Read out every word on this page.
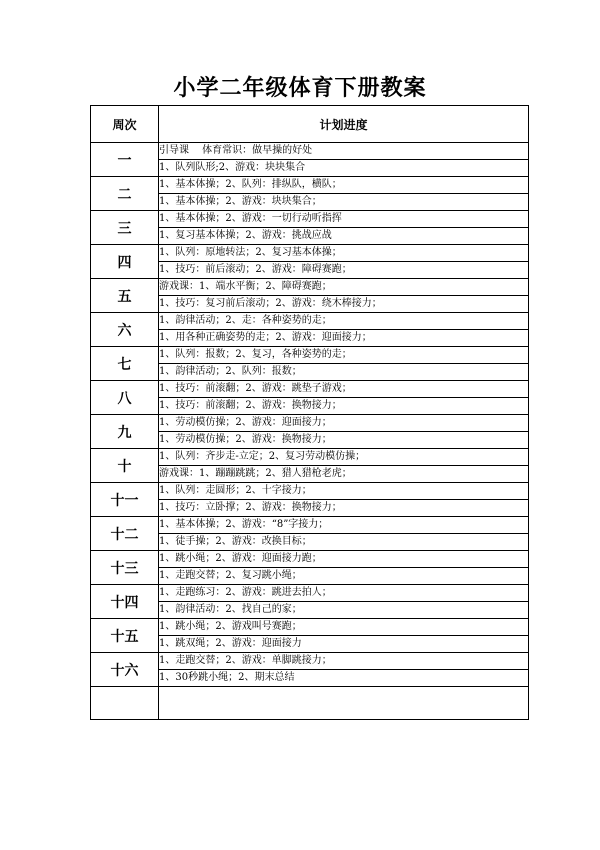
小学二年级体育下册教案
周次	计划进度
一	引导课　 体育常识：做早操的好处
	1、队列队形;2、游戏：块块集合
二	1、基本体操；2、队列：排纵队，横队；
	1、基本体操；2、游戏：块块集合；
三	1、基本体操；2、游戏：一切行动听指挥
	1、复习基本体操；2、游戏：挑战应战
四	1、队列：原地转法；2、复习基本体操；
	1、技巧：前后滚动；2、游戏：障碍赛跑；
五	游戏课：1、端水平衡；2、障碍赛跑；
	1、技巧：复习前后滚动；2、游戏：绕木棒接力；
六	1、韵律活动；2、走：各种姿势的走；
	1、用各种正确姿势的走；2、游戏：迎面接力；
七	1、队列：报数；2、复习，各种姿势的走；
	1、韵律活动；2、队列：报数；
八	1、技巧：前滚翻；2、游戏：跳垫子游戏；
	1、技巧：前滚翻；2、游戏：换物接力；
九	1、劳动模仿操；2、游戏：迎面接力；
	1、劳动模仿操；2、游戏：换物接力；
十	1、队列：齐步走-立定；2、复习劳动模仿操；
	游戏课：1、蹦蹦跳跳；2、猎人猎枪老虎；
十一	1、队列：走圆形；2、十字接力；
	1、技巧：立卧撑；2、游戏：换物接力；
十二	1、基本体操；2、游戏：“8”字接力；
	1、徒手操；2、游戏：改换目标；
十三	1、跳小绳；2、游戏：迎面接力跑；
	1、走跑交替；2、复习跳小绳；
十四	1、走跑练习：2、游戏：跳进去拍人；
	1、韵律活动：2、找自己的家；
十五	1、跳小绳；2、游戏叫号赛跑；
	1、跳双绳；2、游戏：迎面接力
十六	1、走跑交替；2、游戏：单脚跳接力；
	1、30秒跳小绳；2、期末总结
